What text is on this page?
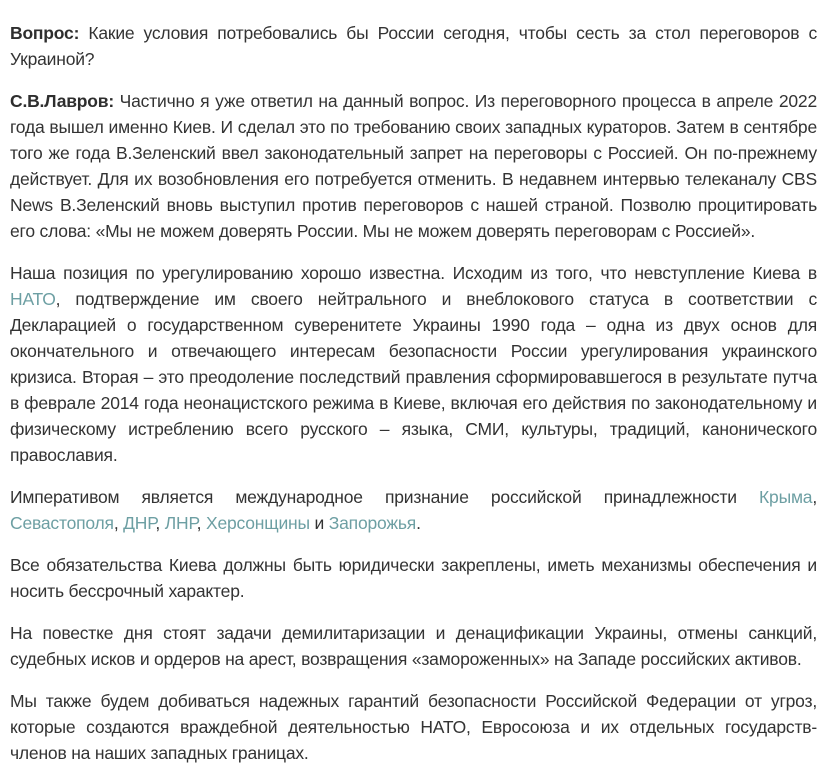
Вопрос: Какие условия потребовались бы России сегодня, чтобы сесть за стол переговоров с Украиной?

С.В.Лавров: Частично я уже ответил на данный вопрос. Из переговорного процесса в апреле 2022 года вышел именно Киев. И сделал это по требованию своих западных кураторов. Затем в сентябре того же года В.Зеленский ввел законодательный запрет на переговоры с Россией. Он по-прежнему действует. Для их возобновления его потребуется отменить. В недавнем интервью телеканалу CBS News В.Зеленский вновь выступил против переговоров с нашей страной. Позволю процитировать его слова: «Мы не можем доверять России. Мы не можем доверять переговорам с Россией».

Наша позиция по урегулированию хорошо известна. Исходим из того, что невступление Киева в НАТО, подтверждение им своего нейтрального и внеблокового статуса в соответствии с Декларацией о государственном суверенитете Украины 1990 года – одна из двух основ для окончательного и отвечающего интересам безопасности России урегулирования украинского кризиса. Вторая – это преодоление последствий правления сформировавшегося в результате путча в феврале 2014 года неонацистского режима в Киеве, включая его действия по законодательному и физическому истреблению всего русского – языка, СМИ, культуры, традиций, канонического православия.

Императивом является международное признание российской принадлежности Крыма, Севастополя, ДНР, ЛНР, Херсонщины и Запорожья.

Все обязательства Киева должны быть юридически закреплены, иметь механизмы обеспечения и носить бессрочный характер.

На повестке дня стоят задачи демилитаризации и денацификации Украины, отмены санкций, судебных исков и ордеров на арест, возвращения «замороженных» на Западе российских активов.

Мы также будем добиваться надежных гарантий безопасности Российской Федерации от угроз, которые создаются враждебной деятельностью НАТО, Евросоюза и их отдельных государств-членов на наших западных границах.
